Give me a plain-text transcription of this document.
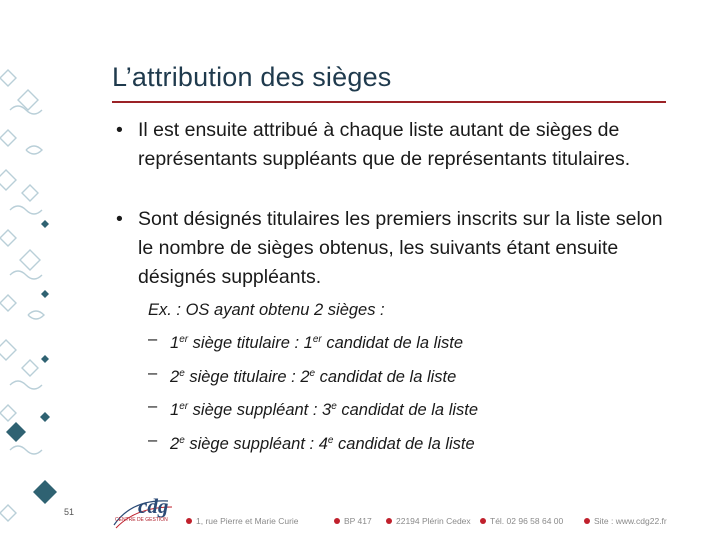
L’attribution des sièges
• Il est ensuite attribué à chaque liste autant de sièges de représentants suppléants que de représentants titulaires.
• Sont désignés titulaires les premiers inscrits sur la liste selon le nombre de sièges obtenus, les suivants étant ensuite désignés suppléants.
Ex. : OS ayant obtenu 2 sièges :
– 1er siège titulaire : 1er candidat de la liste
– 2e siège titulaire : 2e candidat de la liste
– 1er siège suppléant : 3e candidat de la liste
– 2e siège suppléant : 4e candidat de la liste
51	cdg
CENTRE DE GESTION	1, rue Pierre et Marie Curie	BP 417	22194 Plérin Cedex	Tél. 02 96 58 64 00	Site : www.cdg22.fr
